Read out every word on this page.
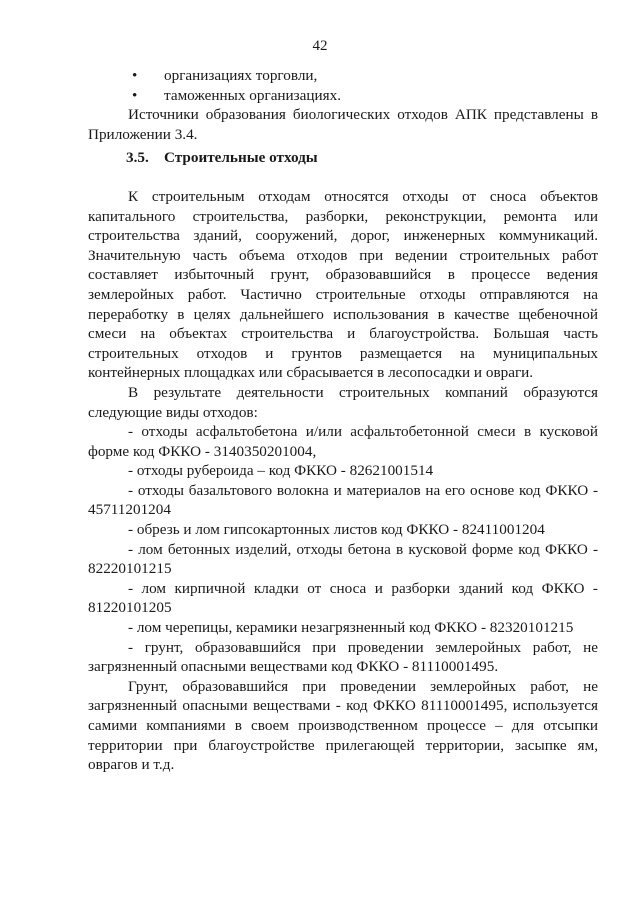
42
• организациях торговли,
• таможенных организациях.

Источники образования биологических отходов АПК представлены в Приложении 3.4.

3.5. Строительные отходы

К строительным отходам относятся отходы от сноса объектов капитального строительства, разборки, реконструкции, ремонта или строительства зданий, сооружений, дорог, инженерных коммуникаций. Значительную часть объема отходов при ведении строительных работ составляет избыточный грунт, образовавшийся в процессе ведения землеройных работ. Частично строительные отходы отправляются на переработку в целях дальнейшего использования в качестве щебеночной смеси на объектах строительства и благоустройства. Большая часть строительных отходов и грунтов размещается на муниципальных контейнерных площадках или сбрасывается в лесопосадки и овраги.

В результате деятельности строительных компаний образуются следующие виды отходов:

- отходы асфальтобетона и/или асфальтобетонной смеси в кусковой форме код ФККО - 3140350201004,

- отходы рубероида – код ФККО - 82621001514

- отходы базальтового волокна и материалов на его основе код ФККО - 45711201204

- обрезь и лом гипсокартонных листов код ФККО - 82411001204

- лом бетонных изделий, отходы бетона в кусковой форме код ФККО - 82220101215

- лом кирпичной кладки от сноса и разборки зданий код ФККО - 81220101205

- лом черепицы, керамики незагрязненный код ФККО - 82320101215

- грунт, образовавшийся при проведении землеройных работ, не загрязненный опасными веществами код ФККО - 81110001495.

Грунт, образовавшийся при проведении землеройных работ, не загрязненный опасными веществами - код ФККО 81110001495, используется самими компаниями в своем производственном процессе – для отсыпки территории при благоустройстве прилегающей территории, засыпке ям, оврагов и т.д.
